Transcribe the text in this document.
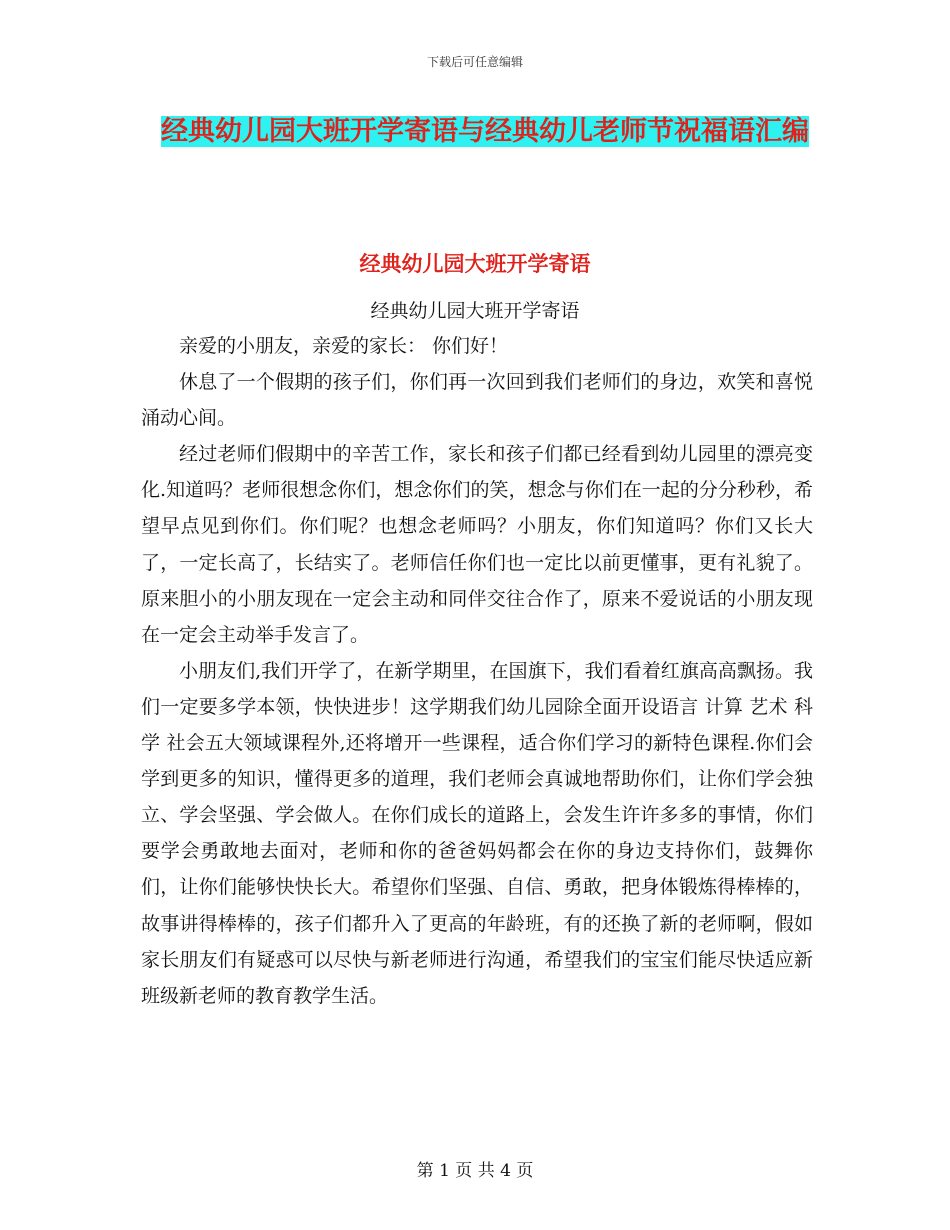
下载后可任意编辑
经典幼儿园大班开学寄语与经典幼儿老师节祝福语汇编
经典幼儿园大班开学寄语
经典幼儿园大班开学寄语

亲爱的小朋友，亲爱的家长： 你们好！

休息了一个假期的孩子们，你们再一次回到我们老师们的身边，欢笑和喜悦涌动心间。

经过老师们假期中的辛苦工作，家长和孩子们都已经看到幼儿园里的漂亮变化.知道吗？老师很想念你们，想念你们的笑，想念与你们在一起的分分秒秒，希望早点见到你们。你们呢？也想念老师吗？小朋友，你们知道吗？你们又长大了，一定长高了，长结实了。老师信任你们也一定比以前更懂事，更有礼貌了。原来胆小的小朋友现在一定会主动和同伴交往合作了，原来不爱说话的小朋友现在一定会主动举手发言了。

小朋友们,我们开学了，在新学期里，在国旗下，我们看着红旗高高飘扬。我们一定要多学本领，快快进步！这学期我们幼儿园除全面开设语言 计算 艺术 科学 社会五大领域课程外,还将增开一些课程，适合你们学习的新特色课程.你们会学到更多的知识，懂得更多的道理，我们老师会真诚地帮助你们，让你们学会独立、学会坚强、学会做人。在你们成长的道路上，会发生许许多多的事情，你们要学会勇敢地去面对，老师和你的爸爸妈妈都会在你的身边支持你们，鼓舞你们，让你们能够快快长大。希望你们坚强、自信、勇敢，把身体锻炼得棒棒的，故事讲得棒棒的，孩子们都升入了更高的年龄班，有的还换了新的老师啊，假如家长朋友们有疑惑可以尽快与新老师进行沟通，希望我们的宝宝们能尽快适应新班级新老师的教育教学生活。

第 1 页 共 4 页
